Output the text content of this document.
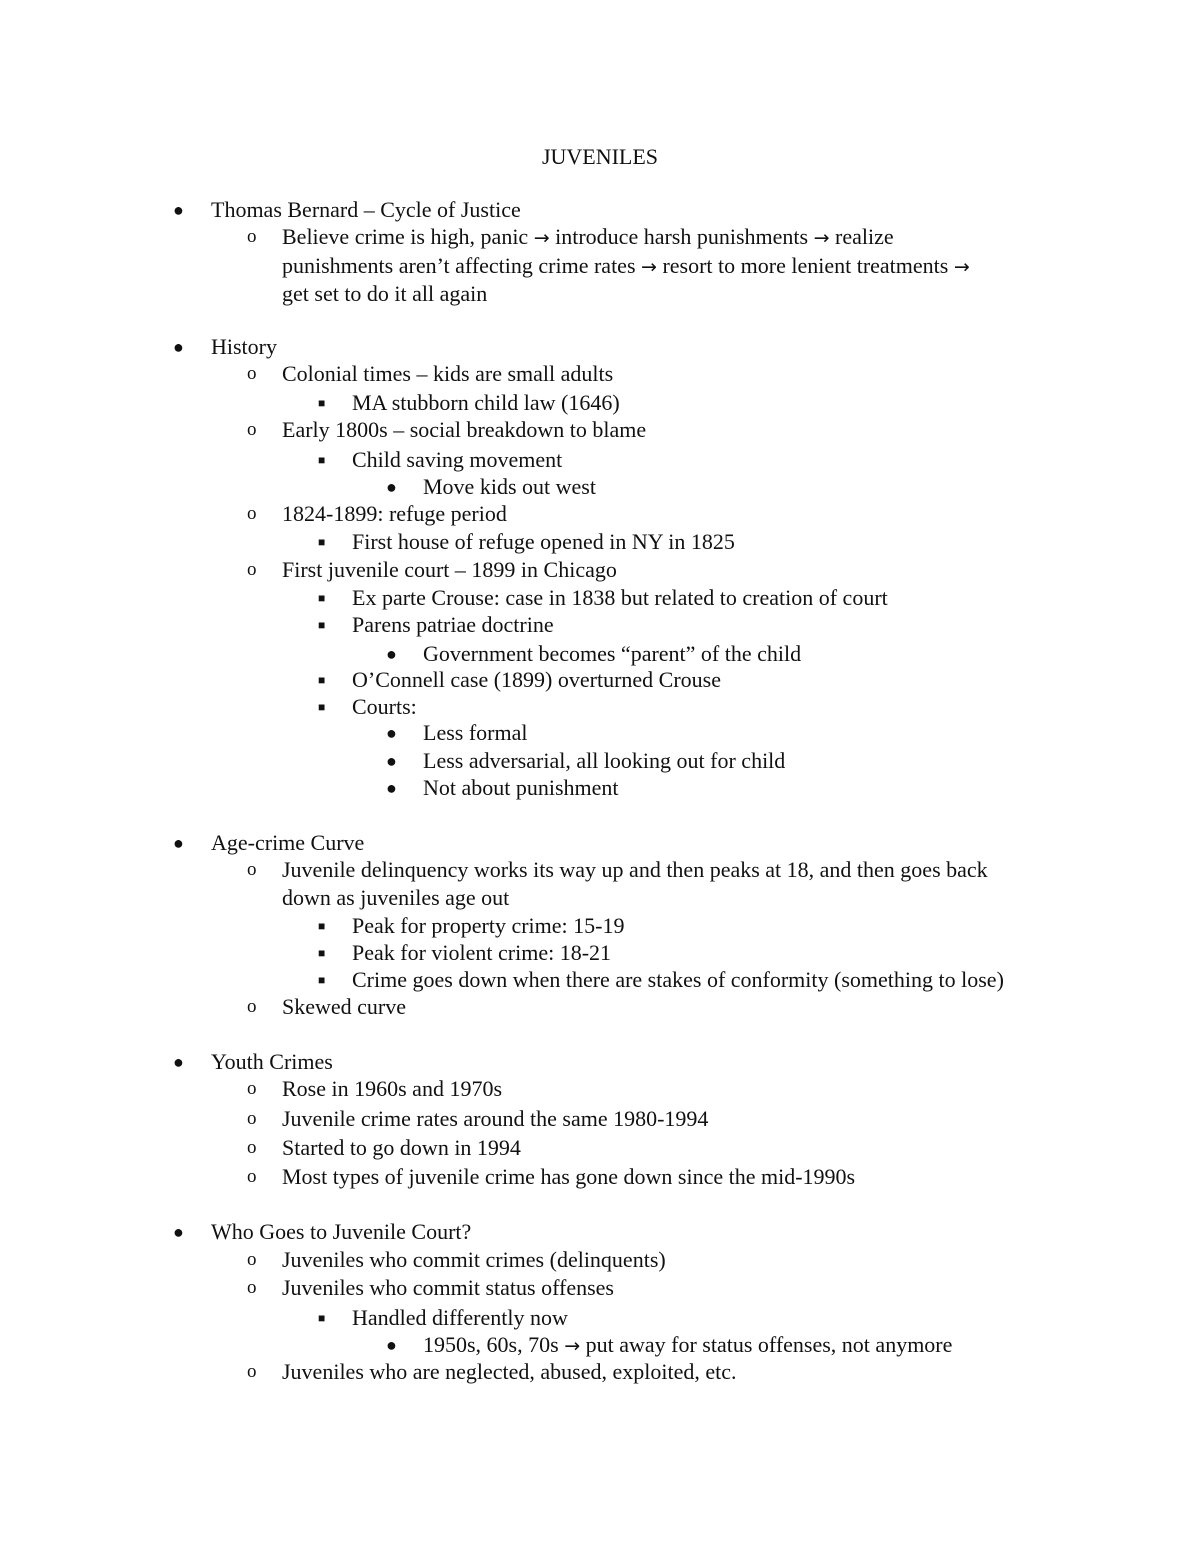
JUVENILES
● Thomas Bernard – Cycle of Justice
o Believe crime is high, panic → introduce harsh punishments → realize
punishments aren’t affecting crime rates → resort to more lenient treatments →
get set to do it all again
● History
o Colonial times – kids are small adults
■ MA stubborn child law (1646)
o Early 1800s – social breakdown to blame
■ Child saving movement
● Move kids out west
o 1824-1899: refuge period
■ First house of refuge opened in NY in 1825
o First juvenile court – 1899 in Chicago
■ Ex parte Crouse: case in 1838 but related to creation of court
■ Parens patriae doctrine
● Government becomes “parent” of the child
■ O’Connell case (1899) overturned Crouse
■ Courts:
● Less formal
● Less adversarial, all looking out for child
● Not about punishment
● Age-crime Curve
o Juvenile delinquency works its way up and then peaks at 18, and then goes back
down as juveniles age out
■ Peak for property crime: 15-19
■ Peak for violent crime: 18-21
■ Crime goes down when there are stakes of conformity (something to lose)
o Skewed curve
● Youth Crimes
o Rose in 1960s and 1970s
o Juvenile crime rates around the same 1980-1994
o Started to go down in 1994
o Most types of juvenile crime has gone down since the mid-1990s
● Who Goes to Juvenile Court?
o Juveniles who commit crimes (delinquents)
o Juveniles who commit status offenses
■ Handled differently now
● 1950s, 60s, 70s → put away for status offenses, not anymore
o Juveniles who are neglected, abused, exploited, etc.
